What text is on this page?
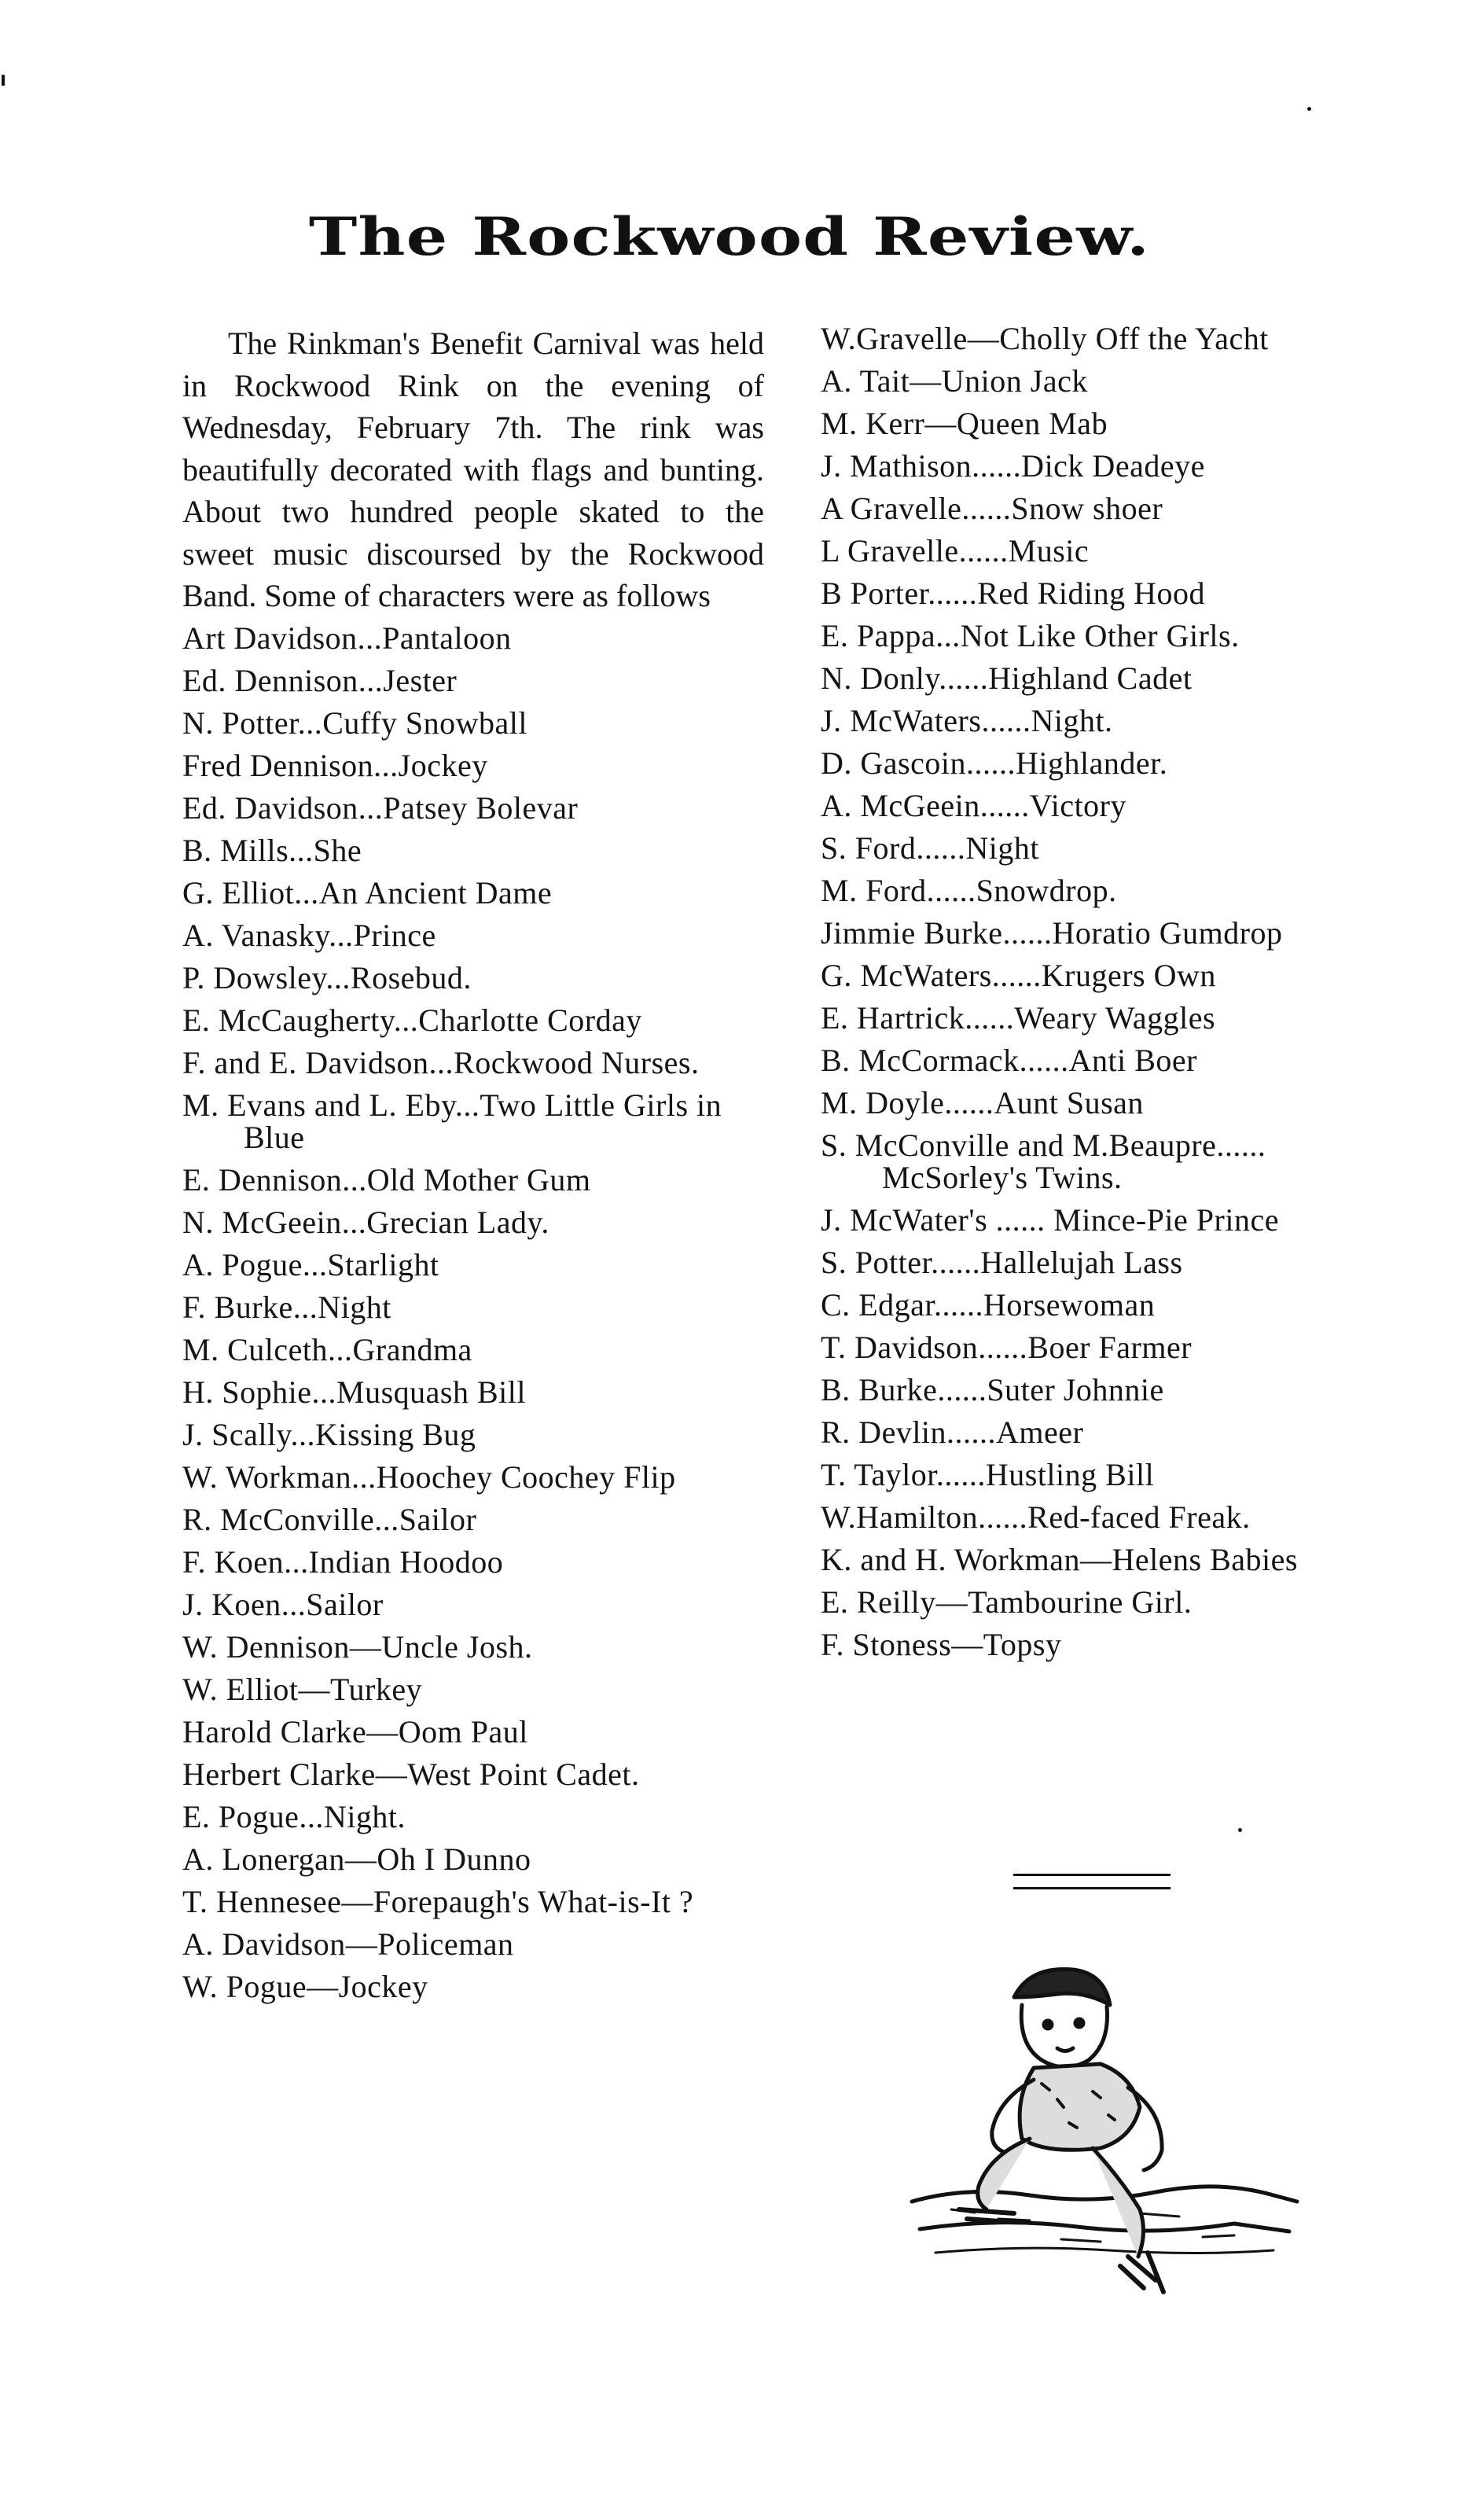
The Rockwood Review.

The Rinkman's Benefit Carnival was held in Rockwood Rink on the evening of Wednesday, February 7th. The rink was beautifully decorated with flags and bunting. About two hundred people skated to the sweet music discoursed by the Rockwood Band. Some of characters were as follows

Art Davidson...Pantaloon
Ed. Dennison...Jester
N. Potter...Cuffy Snowball
Fred Dennison...Jockey
Ed. Davidson...Patsey Bolevar
B. Mills...She
G. Elliot...An Ancient Dame
A. Vanasky...Prince
P. Dowsley...Rosebud.
E. McCaugherty...Charlotte Corday
F. and E. Davidson...Rockwood Nurses.
M. Evans and L. Eby...Two Little Girls in Blue
E. Dennison...Old Mother Gum
N. McGeein...Grecian Lady.
A. Pogue...Starlight
F. Burke...Night
M. Culceth...Grandma
H. Sophie...Musquash Bill
J. Scally...Kissing Bug
W. Workman...Hoochey Coochey Flip
R. McConville...Sailor
F. Koen...Indian Hoodoo
J. Koen...Sailor
W. Dennison—Uncle Josh.
W. Elliot—Turkey
Harold Clarke—Oom Paul
Herbert Clarke—West Point Cadet.
E. Pogue...Night.
A. Lonergan—Oh I Dunno
T. Hennesee—Forepaugh's What-is-It ?
A. Davidson—Policeman
W. Pogue—Jockey
W.Gravelle—Cholly Off the Yacht
A. Tait—Union Jack
M. Kerr—Queen Mab
J. Mathison......Dick Deadeye
A Gravelle......Snow shoer
L Gravelle......Music
B Porter......Red Riding Hood
E. Pappa...Not Like Other Girls.
N. Donly......Highland Cadet
J. McWaters......Night.
D. Gascoin......Highlander.
A. McGeein......Victory
S. Ford......Night
M. Ford......Snowdrop.
Jimmie Burke......Horatio Gumdrop
G. McWaters......Krugers Own
E. Hartrick......Weary Waggles
B. McCormack......Anti Boer
M. Doyle......Aunt Susan
S. McConville and M.Beaupre...... McSorley's Twins.
J. McWater's ...... Mince-Pie Prince
S. Potter......Hallelujah Lass
C. Edgar......Horsewoman
T. Davidson......Boer Farmer
B. Burke......Suter Johnnie
R. Devlin......Ameer
T. Taylor......Hustling Bill
W.Hamilton......Red-faced Freak.
K. and H. Workman—Helens Babies
E. Reilly—Tambourine Girl.
F. Stoness—Topsy
